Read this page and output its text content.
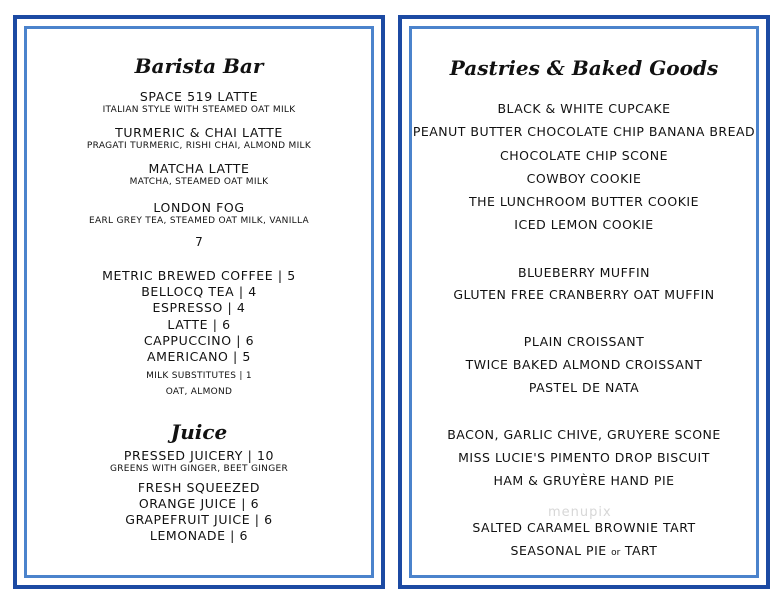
Barista Bar
SPACE 519 LATTE
ITALIAN STYLE WITH STEAMED OAT MILK
TURMERIC & CHAI LATTE
PRAGATI TURMERIC, RISHI CHAI, ALMOND MILK
MATCHA LATTE
MATCHA, STEAMED OAT MILK
LONDON FOG
EARL GREY TEA, STEAMED OAT MILK, VANILLA
7
METRIC BREWED COFFEE | 5
BELLOCQ TEA | 4
ESPRESSO | 4
LATTE | 6
CAPPUCCINO | 6
AMERICANO | 5
MILK SUBSTITUTES | 1
OAT, ALMOND
Juice
PRESSED JUICERY | 10
GREENS WITH GINGER, BEET GINGER
FRESH SQUEEZED
ORANGE JUICE | 6
GRAPEFRUIT JUICE | 6
LEMONADE | 6
Pastries & Baked Goods
BLACK & WHITE CUPCAKE
PEANUT BUTTER CHOCOLATE CHIP BANANA BREAD
CHOCOLATE CHIP SCONE
COWBOY COOKIE
THE LUNCHROOM BUTTER COOKIE
ICED LEMON COOKIE
BLUEBERRY MUFFIN
GLUTEN FREE CRANBERRY OAT MUFFIN
PLAIN CROISSANT
TWICE BAKED ALMOND CROISSANT
PASTEL DE NATA
BACON, GARLIC CHIVE, GRUYERE SCONE
MISS LUCIE'S PIMENTO DROP BISCUIT
HAM & GRUYÈRE HAND PIE
SALTED CARAMEL BROWNIE TART
SEASONAL PIE or TART
menupix
